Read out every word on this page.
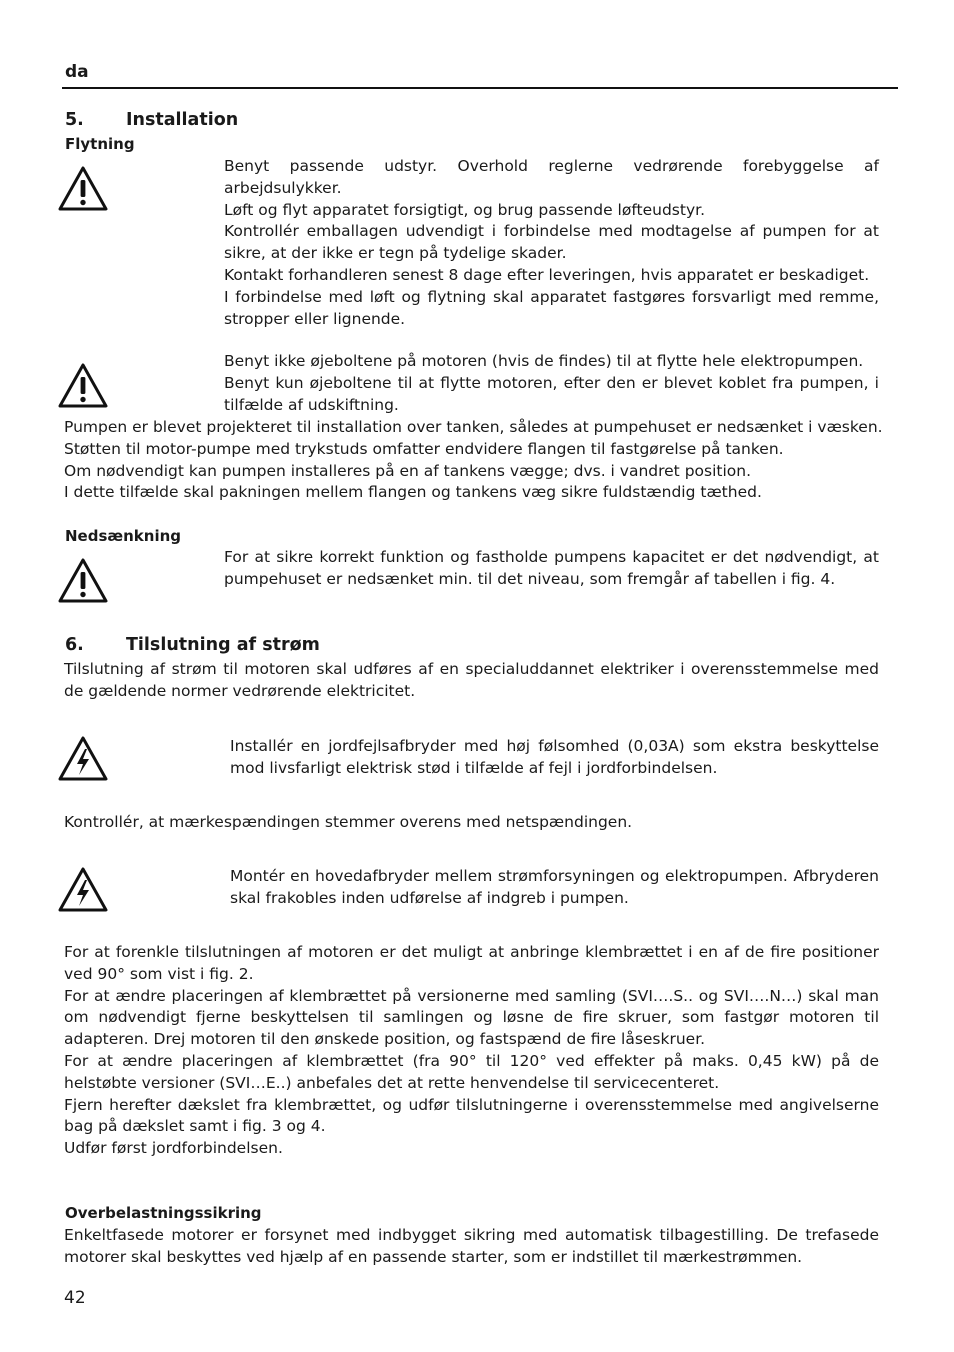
da
5. Installation
Flytning

Benyt passende udstyr. Overhold reglerne vedrørende forebyggelse af arbejdsulykker.

Løft og flyt apparatet forsigtigt, og brug passende løfteudstyr.

Kontrollér emballagen udvendigt i forbindelse med modtagelse af pumpen for at sikre, at der ikke er tegn på tydelige skader.

Kontakt forhandleren senest 8 dage efter leveringen, hvis apparatet er beskadiget.

I forbindelse med løft og flytning skal apparatet fastgøres forsvarligt med remme, stropper eller lignende.

Benyt ikke øjeboltene på motoren (hvis de findes) til at flytte hele elektropumpen.

Benyt kun øjeboltene til at flytte motoren, efter den er blevet koblet fra pumpen, i tilfælde af udskiftning.

Pumpen er blevet projekteret til installation over tanken, således at pumpehuset er nedsænket i væsken.

Støtten til motor-pumpe med trykstuds omfatter endvidere flangen til fastgørelse på tanken.

Om nødvendigt kan pumpen installeres på en af tankens vægge; dvs. i vandret position.

I dette tilfælde skal pakningen mellem flangen og tankens væg sikre fuldstændig tæthed.

Nedsænkning

For at sikre korrekt funktion og fastholde pumpens kapacitet er det nødvendigt, at pumpehuset er nedsænket min. til det niveau, som fremgår af tabellen i fig. 4.

6. Tilslutning af strøm

Tilslutning af strøm til motoren skal udføres af en specialuddannet elektriker i overensstemmelse med de gældende normer vedrørende elektricitet.

Installér en jordfejlsafbryder med høj følsomhed (0,03A) som ekstra beskyttelse mod livsfarligt elektrisk stød i tilfælde af fejl i jordforbindelsen.

Kontrollér, at mærkespændingen stemmer overens med netspændingen.

Montér en hovedafbryder mellem strømforsyningen og elektropumpen. Afbryderen skal frakobles inden udførelse af indgreb i pumpen.

For at forenkle tilslutningen af motoren er det muligt at anbringe klembrættet i en af de fire positioner ved 90° som vist i fig. 2.

For at ændre placeringen af klembrættet på versionerne med samling (SVI….S.. og SVI….N…) skal man om nødvendigt fjerne beskyttelsen til samlingen og løsne de fire skruer, som fastgør motoren til adapteren. Drej motoren til den ønskede position, og fastspænd de fire låseskruer.

For at ændre placeringen af klembrættet (fra 90° til 120° ved effekter på maks. 0,45 kW) på de helstøbte versioner (SVI…E..) anbefales det at rette henvendelse til servicecenteret.

Fjern herefter dækslet fra klembrættet, og udfør tilslutningerne i overensstemmelse med angivelserne bag på dækslet samt i fig. 3 og 4.

Udfør først jordforbindelsen.

Overbelastningssikring

Enkeltfasede motorer er forsynet med indbygget sikring med automatisk tilbagestilling. De trefasede motorer skal beskyttes ved hjælp af en passende starter, som er indstillet til mærkestrømmen.

42
